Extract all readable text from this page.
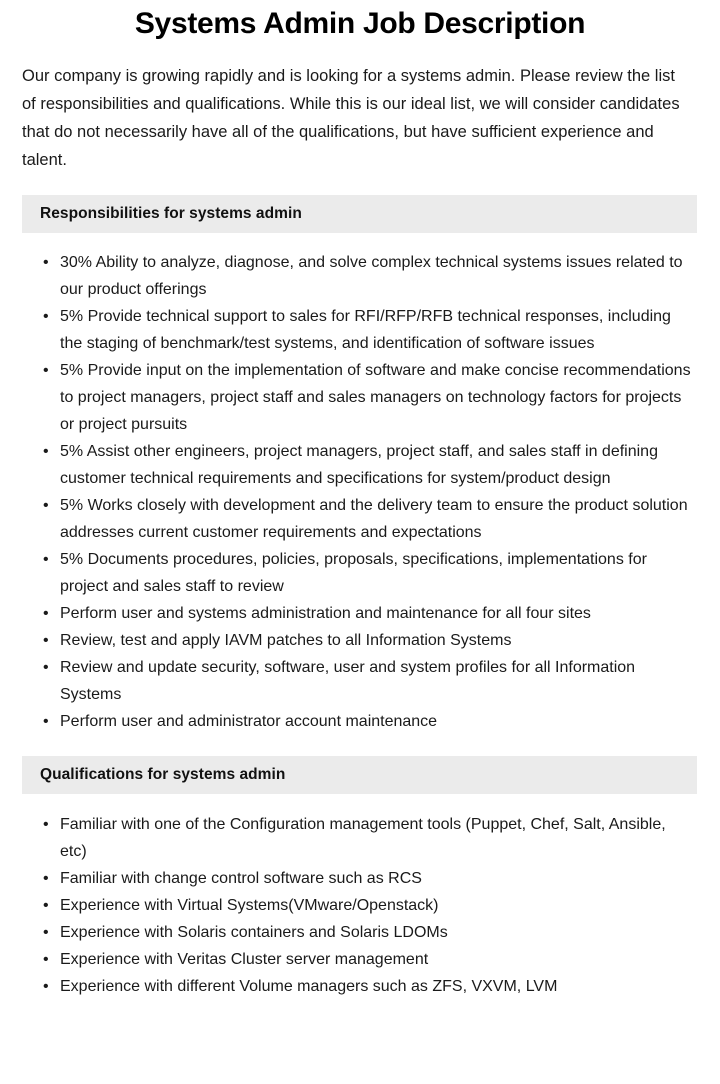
Systems Admin Job Description

Our company is growing rapidly and is looking for a systems admin. Please review the list of responsibilities and qualifications. While this is our ideal list, we will consider candidates that do not necessarily have all of the qualifications, but have sufficient experience and talent.

Responsibilities for systems admin
• 30% Ability to analyze, diagnose, and solve complex technical systems issues related to our product offerings
• 5% Provide technical support to sales for RFI/RFP/RFB technical responses, including the staging of benchmark/test systems, and identification of software issues
• 5% Provide input on the implementation of software and make concise recommendations to project managers, project staff and sales managers on technology factors for projects or project pursuits
• 5% Assist other engineers, project managers, project staff, and sales staff in defining customer technical requirements and specifications for system/product design
• 5% Works closely with development and the delivery team to ensure the product solution addresses current customer requirements and expectations
• 5% Documents procedures, policies, proposals, specifications, implementations for project and sales staff to review
• Perform user and systems administration and maintenance for all four sites
• Review, test and apply IAVM patches to all Information Systems
• Review and update security, software, user and system profiles for all Information Systems
• Perform user and administrator account maintenance
Qualifications for systems admin
• Familiar with one of the Configuration management tools (Puppet, Chef, Salt, Ansible, etc)
• Familiar with change control software such as RCS
• Experience with Virtual Systems(VMware/Openstack)
• Experience with Solaris containers and Solaris LDOMs
• Experience with Veritas Cluster server management
• Experience with different Volume managers such as ZFS, VXVM, LVM
